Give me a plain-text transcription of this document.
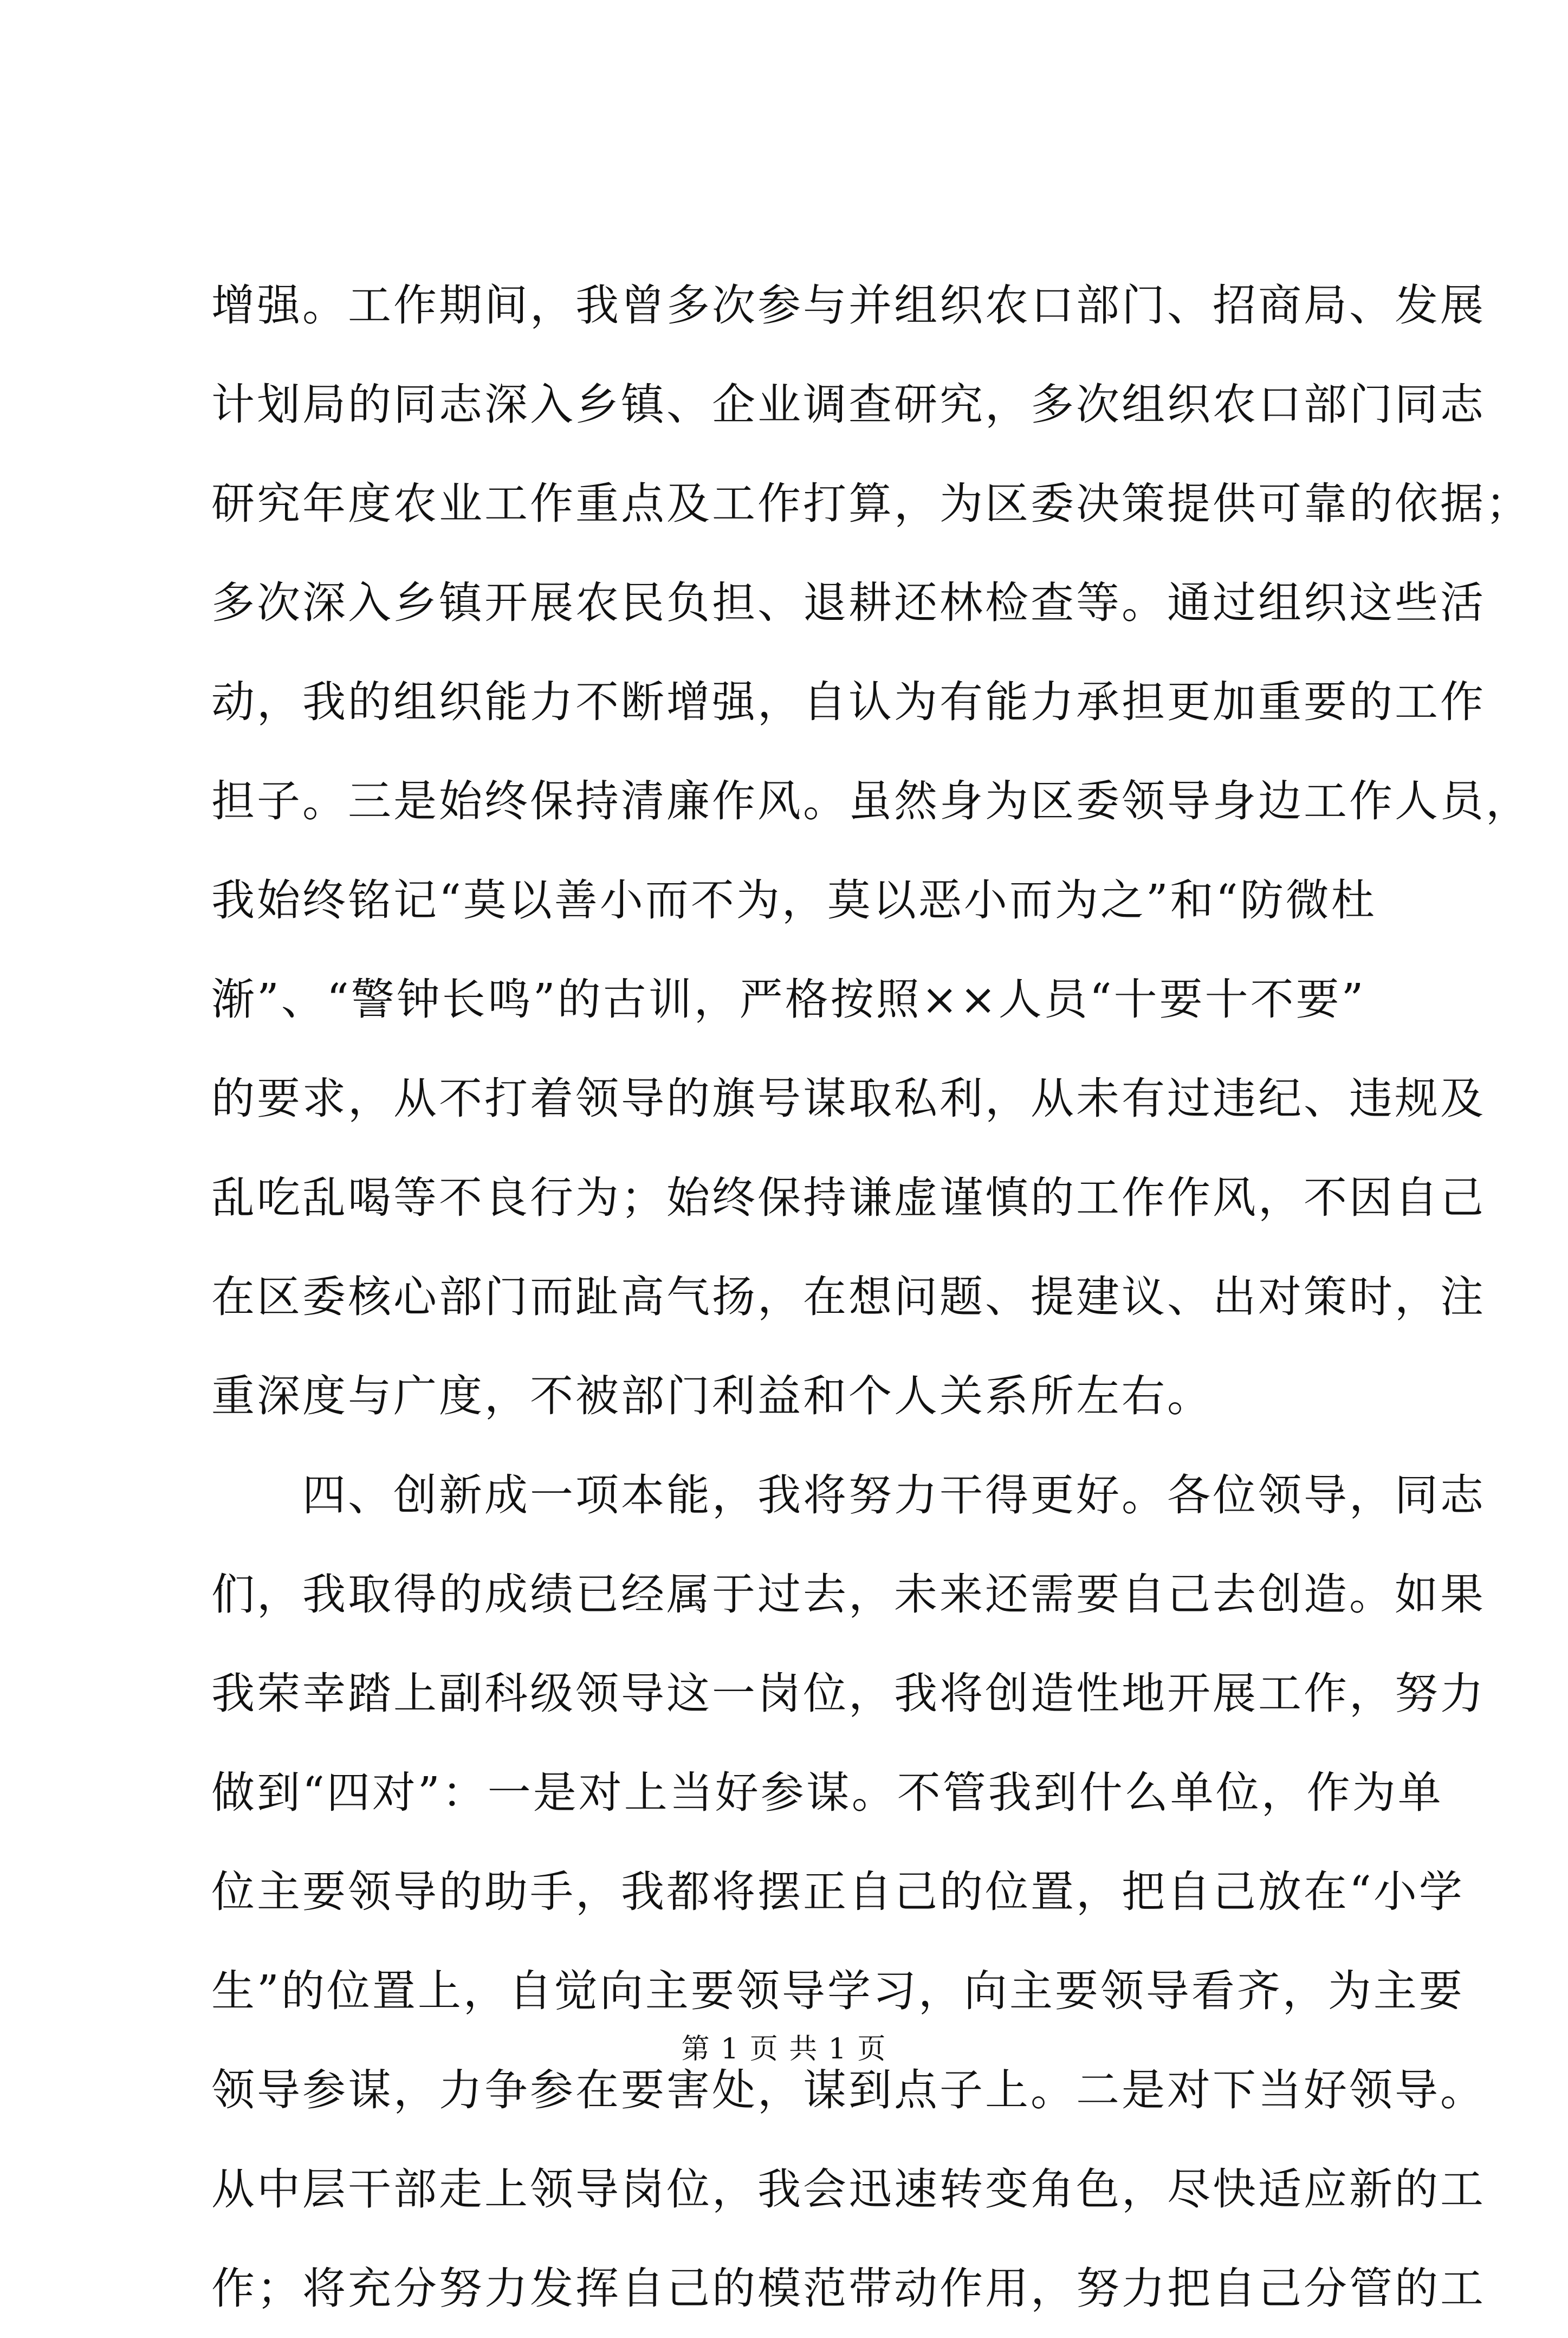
增强。工作期间，我曾多次参与并组织农口部门、招商局、发展
计划局的同志深入乡镇、企业调查研究，多次组织农口部门同志
研究年度农业工作重点及工作打算，为区委决策提供可靠的依据；
多次深入乡镇开展农民负担、退耕还林检查等。通过组织这些活
动，我的组织能力不断增强，自认为有能力承担更加重要的工作
担子。三是始终保持清廉作风。虽然身为区委领导身边工作人员，
我始终铭记“莫以善小而不为，莫以恶小而为之”和“防微杜
渐”、“警钟长鸣”的古训，严格按照××人员“十要十不要”
的要求，从不打着领导的旗号谋取私利，从未有过违纪、违规及
乱吃乱喝等不良行为；始终保持谦虚谨慎的工作作风，不因自己
在区委核心部门而趾高气扬，在想问题、提建议、出对策时，注
重深度与广度，不被部门利益和个人关系所左右。
　　四、创新成一项本能，我将努力干得更好。各位领导，同志
们，我取得的成绩已经属于过去，未来还需要自己去创造。如果
我荣幸踏上副科级领导这一岗位，我将创造性地开展工作，努力
做到“四对”：一是对上当好参谋。不管我到什么单位，作为单
位主要领导的助手，我都将摆正自己的位置，把自己放在“小学
生”的位置上，自觉向主要领导学习，向主要领导看齐，为主要
领导参谋，力争参在要害处，谋到点子上。二是对下当好领导。
从中层干部走上领导岗位，我会迅速转变角色，尽快适应新的工
作；将充分努力发挥自己的模范带动作用，努力把自己分管的工
第 1 页 共 1 页
